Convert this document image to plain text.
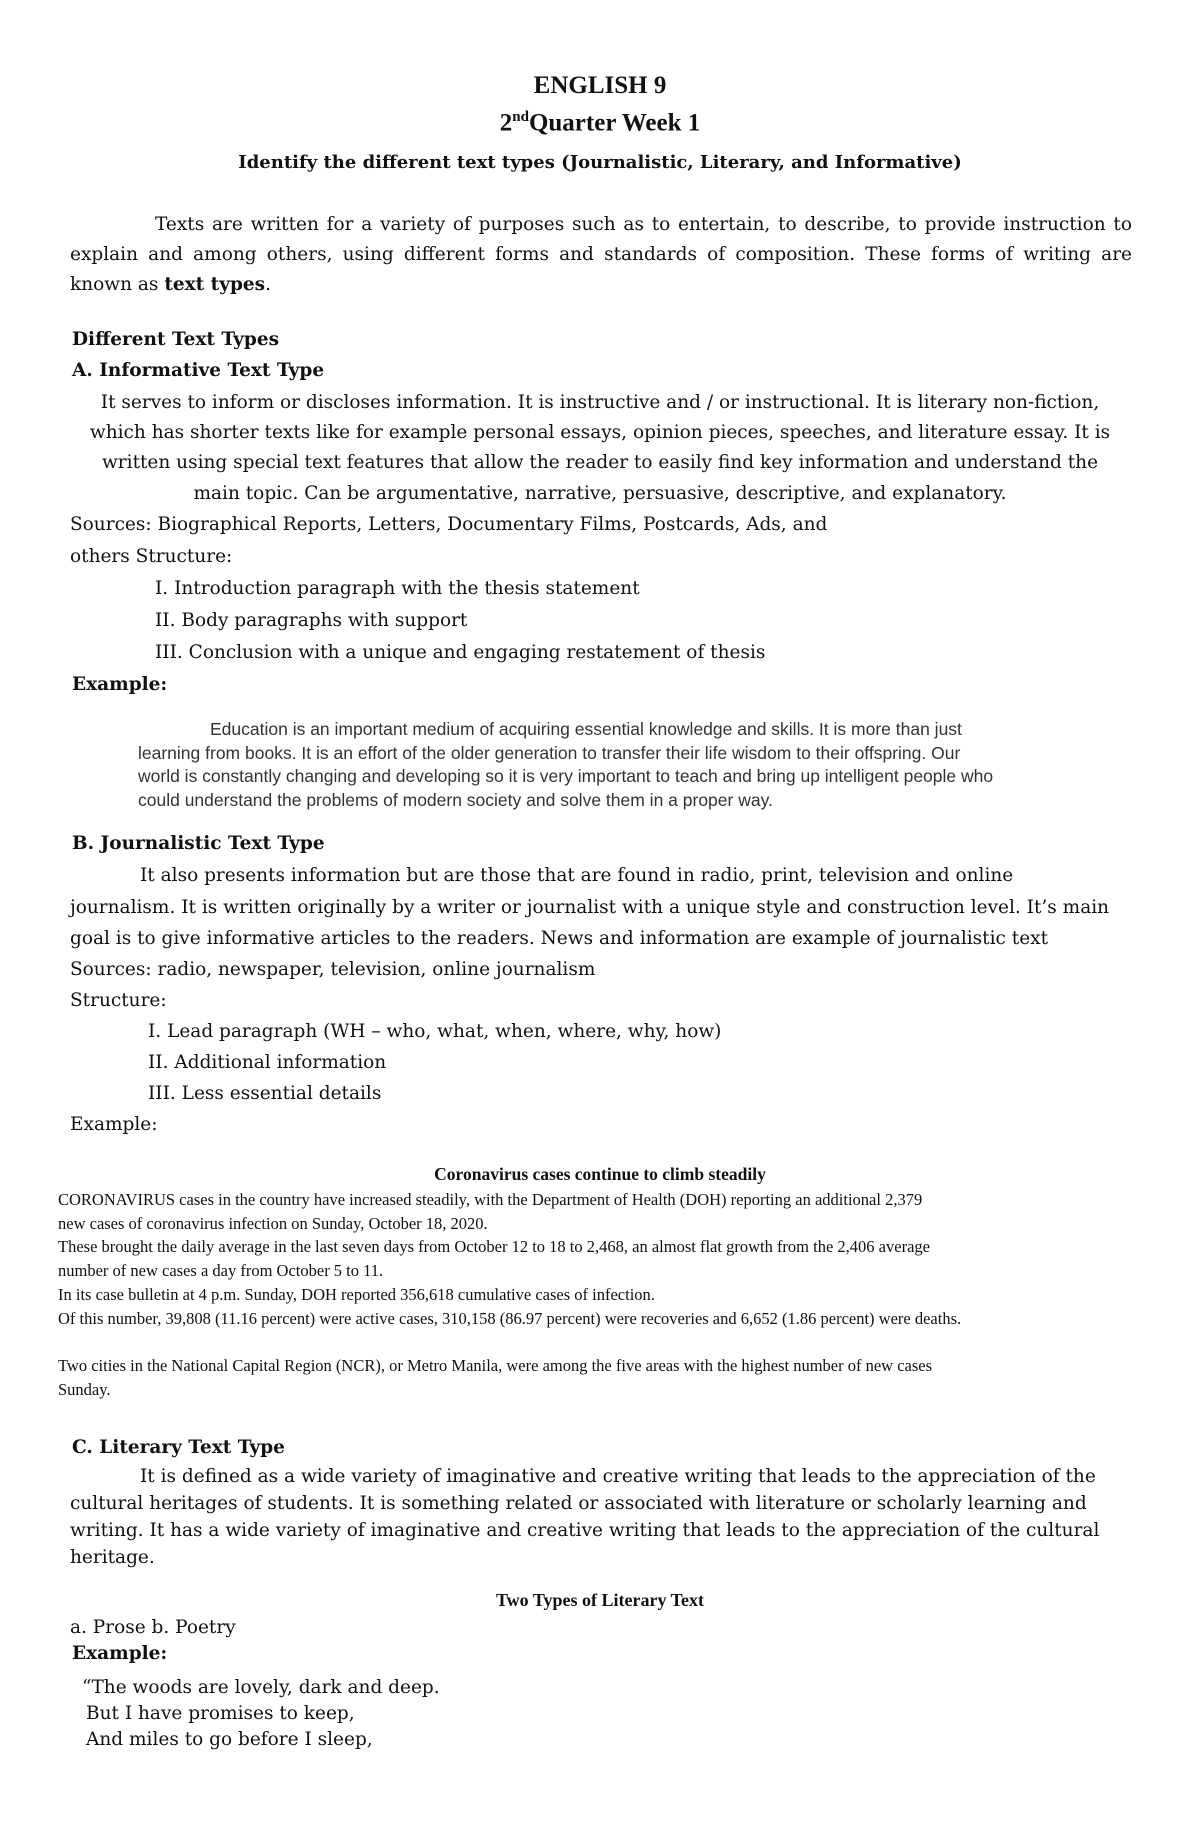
ENGLISH 9
2ndQuarter Week 1
Identify the different text types (Journalistic, Literary, and Informative)
Texts are written for a variety of purposes such as to entertain, to describe, to provide instruction to explain and among others, using different forms and standards of composition. These forms of writing are known as text types.
Different Text Types
A. Informative Text Type
It serves to inform or discloses information. It is instructive and / or instructional. It is literary non-fiction,
which has shorter texts like for example personal essays, opinion pieces, speeches, and literature essay. It is
written using special text features that allow the reader to easily find key information and understand the
main topic. Can be argumentative, narrative, persuasive, descriptive, and explanatory.
Sources: Biographical Reports, Letters, Documentary Films, Postcards, Ads, and
others Structure:
I. Introduction paragraph with the thesis statement
II. Body paragraphs with support
III. Conclusion with a unique and engaging restatement of thesis
Example:
Education is an important medium of acquiring essential knowledge and skills. It is more than just
learning from books. It is an effort of the older generation to transfer their life wisdom to their offspring. Our
world is constantly changing and developing so it is very important to teach and bring up intelligent people who
could understand the problems of modern society and solve them in a proper way.
B. Journalistic Text Type
It also presents information but are those that are found in radio, print, television and online
journalism. It is written originally by a writer or journalist with a unique style and construction level. It’s main
goal is to give informative articles to the readers. News and information are example of journalistic text
Sources: radio, newspaper, television, online journalism
Structure:
I. Lead paragraph (WH – who, what, when, where, why, how)
II. Additional information
III. Less essential details
Example:
Coronavirus cases continue to climb steadily
CORONAVIRUS cases in the country have increased steadily, with the Department of Health (DOH) reporting an additional 2,379
new cases of coronavirus infection on Sunday, October 18, 2020.
These brought the daily average in the last seven days from October 12 to 18 to 2,468, an almost flat growth from the 2,406 average
number of new cases a day from October 5 to 11.
In its case bulletin at 4 p.m. Sunday, DOH reported 356,618 cumulative cases of infection.
Of this number, 39,808 (11.16 percent) were active cases, 310,158 (86.97 percent) were recoveries and 6,652 (1.86 percent) were deaths.
Two cities in the National Capital Region (NCR), or Metro Manila, were among the five areas with the highest number of new cases
Sunday.
C. Literary Text Type
It is defined as a wide variety of imaginative and creative writing that leads to the appreciation of the
cultural heritages of students. It is something related or associated with literature or scholarly learning and
writing. It has a wide variety of imaginative and creative writing that leads to the appreciation of the cultural
heritage.
Two Types of Literary Text
a. Prose b. Poetry
Example:
“The woods are lovely, dark and deep.
But I have promises to keep,
And miles to go before I sleep,
